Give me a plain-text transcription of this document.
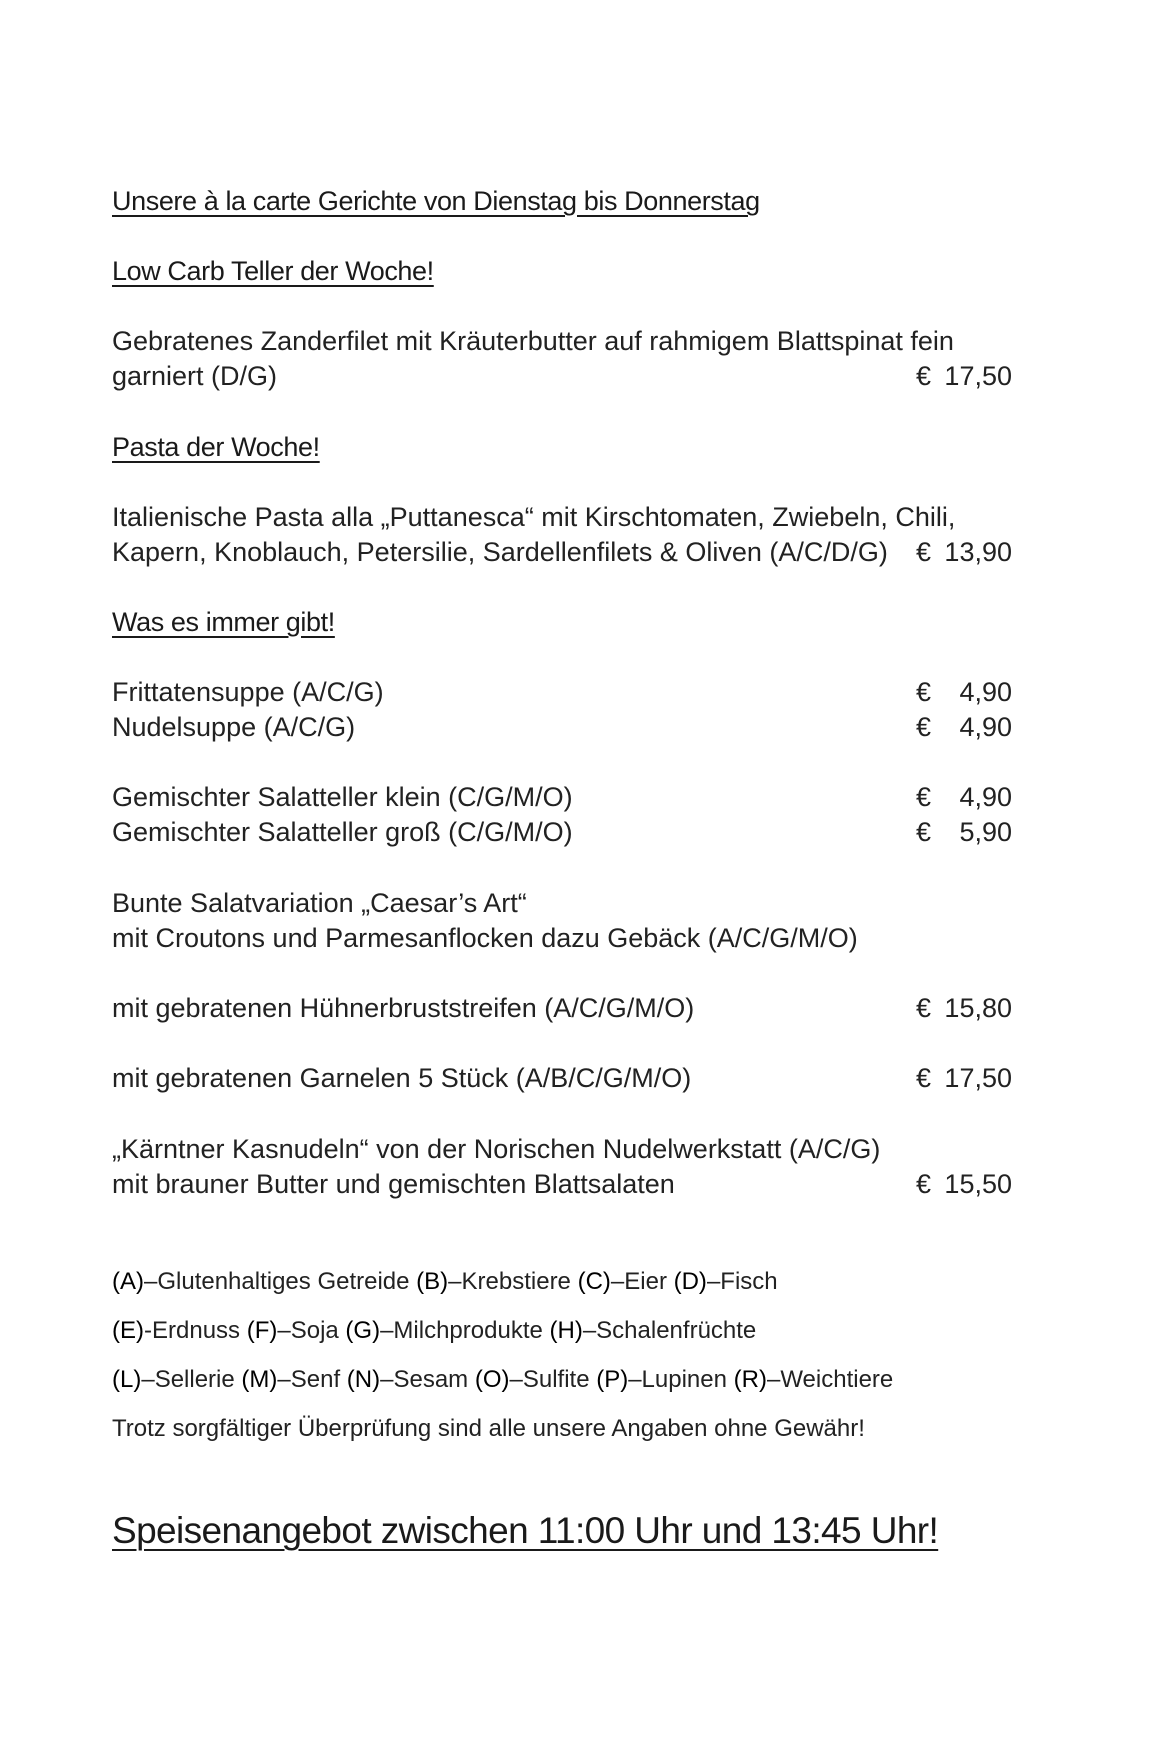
Unsere à la carte Gerichte von Dienstag bis Donnerstag
Low Carb Teller der Woche!
Gebratenes Zanderfilet mit Kräuterbutter auf rahmigem Blattspinat fein
garniert (D/G)	€ 17,50
Pasta der Woche!
Italienische Pasta alla „Puttanesca“ mit Kirschtomaten, Zwiebeln, Chili,
Kapern, Knoblauch, Petersilie, Sardellenfilets & Oliven (A/C/D/G) € 13,90
Was es immer gibt!
Frittatensuppe (A/C/G)	€ 4,90
Nudelsuppe (A/C/G)	€ 4,90
Gemischter Salatteller klein (C/G/M/O)	€ 4,90
Gemischter Salatteller groß (C/G/M/O)	€ 5,90
Bunte Salatvariation „Caesar’s Art“
mit Croutons und Parmesanflocken dazu Gebäck (A/C/G/M/O)
mit gebratenen Hühnerbruststreifen (A/C/G/M/O)	€ 15,80
mit gebratenen Garnelen 5 Stück (A/B/C/G/M/O)	€ 17,50
„Kärntner Kasnudeln“ von der Norischen Nudelwerkstatt (A/C/G)
mit brauner Butter und gemischten Blattsalaten	€ 15,50
(A)–Glutenhaltiges Getreide (B)–Krebstiere (C)–Eier (D)–Fisch
(E)-Erdnuss (F)–Soja (G)–Milchprodukte (H)–Schalenfrüchte
(L)–Sellerie (M)–Senf (N)–Sesam (O)–Sulfite (P)–Lupinen (R)–Weichtiere
Trotz sorgfältiger Überprüfung sind alle unsere Angaben ohne Gewähr!
Speisenangebot zwischen 11:00 Uhr und 13:45 Uhr!
